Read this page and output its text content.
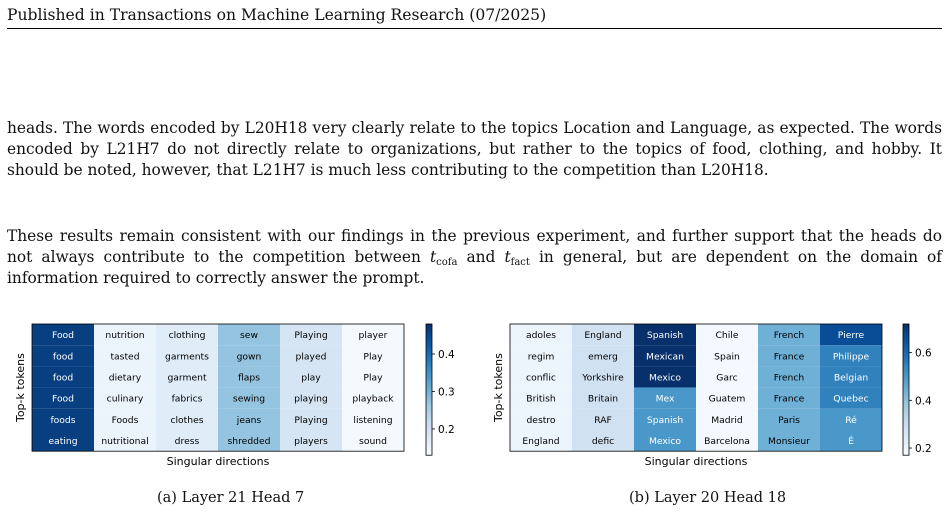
Published in Transactions on Machine Learning Research (07/2025)

heads. The words encoded by L20H18 very clearly relate to the topics Location and Language, as expected. The words encoded by L21H7 do not directly relate to organizations, but rather to the topics of food, clothing, and hobby. It should be noted, however, that L21H7 is much less contributing to the competition than L20H18.

These results remain consistent with our findings in the previous experiment, and further support that the heads do not always contribute to the competition between $t_{cofa}$ and $t_{fact}$ in general, but are dependent on the domain of information required to correctly answer the prompt.

Food
food
food
Food
foods
eating
nutrition
tasted
dietary
culinary
Foods
nutritional
clothing
garments
garment
fabrics
clothes
dress
sew
gown
flaps
sewing
jeans
shredded
Playing
played
play
playing
Playing
players
player
Play
Play
playback
listening
sound
Top-k tokens
Singular directions
0.2
0.3
0.4
adoles
regim
conflic
British
destro
England
England
emerg
Yorkshire
Britain
RAF
defic
Spanish
Mexican
Mexico
Mex
Spanish
Mexico
Chile
Spain
Garc
Guatem
Madrid
Barcelona
French
France
French
France
Paris
Monsieur
Pierre
Philippe
Belgian
Quebec
Ré
É
Top-k tokens
Singular directions
0.2
0.4
0.6
(a) Layer 21 Head 7	(b) Layer 20 Head 18
